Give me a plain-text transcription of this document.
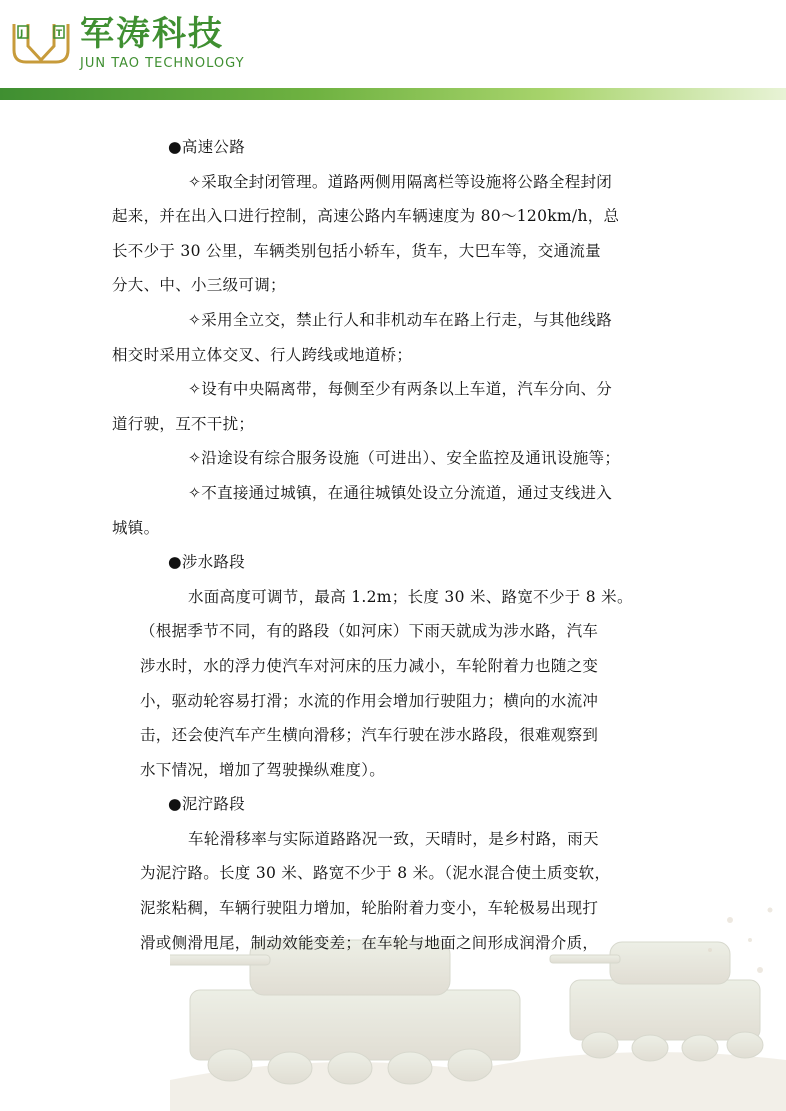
J	T 军涛科技
JUN TAO TECHNOLOGY
●高速公路
✧采取全封闭管理。道路两侧用隔离栏等设施将公路全程封闭
起来，并在出入口进行控制，高速公路内车辆速度为 80～120km/h，总
长不少于 30 公里，车辆类别包括小轿车，货车，大巴车等，交通流量
分大、中、小三级可调；
✧采用全立交，禁止行人和非机动车在路上行走，与其他线路
相交时采用立体交叉、行人跨线或地道桥；
✧设有中央隔离带，每侧至少有两条以上车道，汽车分向、分
道行驶，互不干扰；
✧沿途设有综合服务设施（可进出）、安全监控及通讯设施等；
✧不直接通过城镇，在通往城镇处设立分流道，通过支线进入
城镇。
●涉水路段
水面高度可调节，最高 1.2m；长度 30 米、路宽不少于 8 米。
（根据季节不同，有的路段（如河床）下雨天就成为涉水路，汽车
涉水时，水的浮力使汽车对河床的压力减小，车轮附着力也随之变
小，驱动轮容易打滑；水流的作用会增加行驶阻力；横向的水流冲
击，还会使汽车产生横向滑移；汽车行驶在涉水路段，很难观察到
水下情况，增加了驾驶操纵难度）。
●泥泞路段
车轮滑移率与实际道路路况一致，天晴时，是乡村路，雨天
为泥泞路。长度 30 米、路宽不少于 8 米。（泥水混合使土质变软，
泥浆粘稠，车辆行驶阻力增加，轮胎附着力变小，车轮极易出现打
滑或侧滑甩尾，制动效能变差；在车轮与地面之间形成润滑介质，
